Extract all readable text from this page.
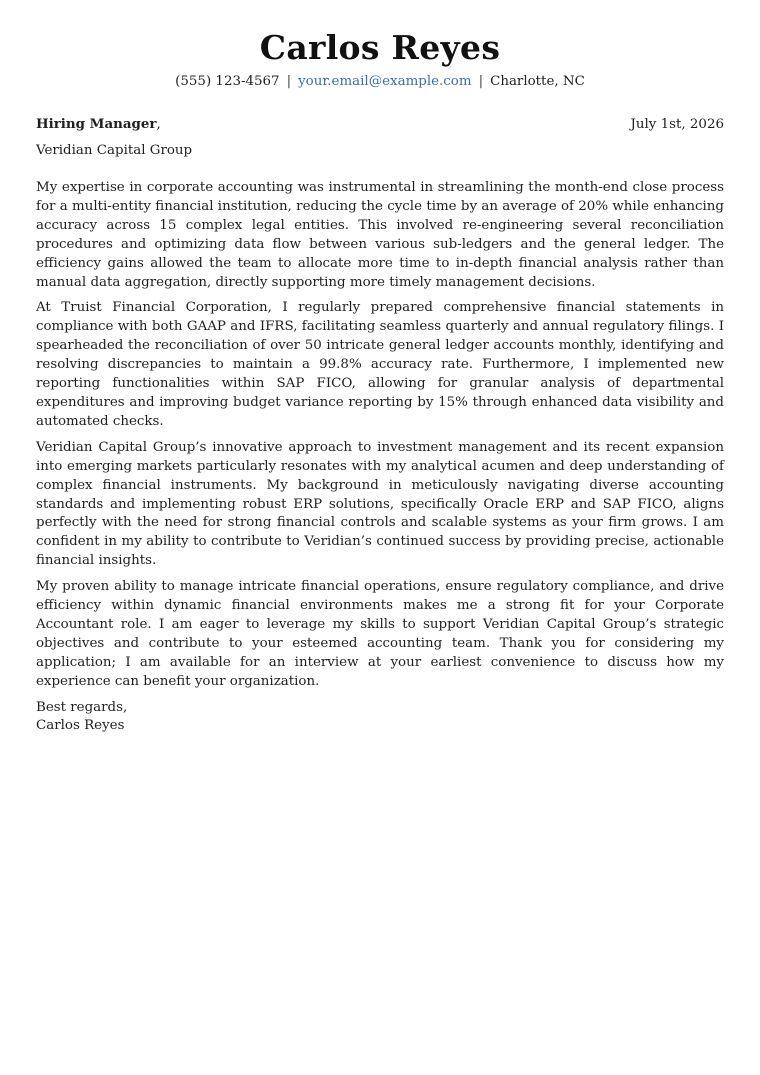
Carlos Reyes
(555) 123-4567 | your.email@example.com | Charlotte, NC
Hiring Manager,	July 1st, 2026
Veridian Capital Group

My expertise in corporate accounting was instrumental in streamlining the month-end close process for a multi-entity financial institution, reducing the cycle time by an average of 20% while enhancing accuracy across 15 complex legal entities. This involved re-engineering several reconciliation procedures and optimizing data flow between various sub-ledgers and the general ledger. The efficiency gains allowed the team to allocate more time to in-depth financial analysis rather than manual data aggregation, directly supporting more timely management decisions.

At Truist Financial Corporation, I regularly prepared comprehensive financial statements in compliance with both GAAP and IFRS, facilitating seamless quarterly and annual regulatory filings. I spearheaded the reconciliation of over 50 intricate general ledger accounts monthly, identifying and resolving discrepancies to maintain a 99.8% accuracy rate. Furthermore, I implemented new reporting functionalities within SAP FICO, allowing for granular analysis of departmental expenditures and improving budget variance reporting by 15% through enhanced data visibility and automated checks.

Veridian Capital Group’s innovative approach to investment management and its recent expansion into emerging markets particularly resonates with my analytical acumen and deep understanding of complex financial instruments. My background in meticulously navigating diverse accounting standards and implementing robust ERP solutions, specifically Oracle ERP and SAP FICO, aligns perfectly with the need for strong financial controls and scalable systems as your firm grows. I am confident in my ability to contribute to Veridian’s continued success by providing precise, actionable financial insights.

My proven ability to manage intricate financial operations, ensure regulatory compliance, and drive efficiency within dynamic financial environments makes me a strong fit for your Corporate Accountant role. I am eager to leverage my skills to support Veridian Capital Group’s strategic objectives and contribute to your esteemed accounting team. Thank you for considering my application; I am available for an interview at your earliest convenience to discuss how my experience can benefit your organization.

Best regards,
Carlos Reyes
